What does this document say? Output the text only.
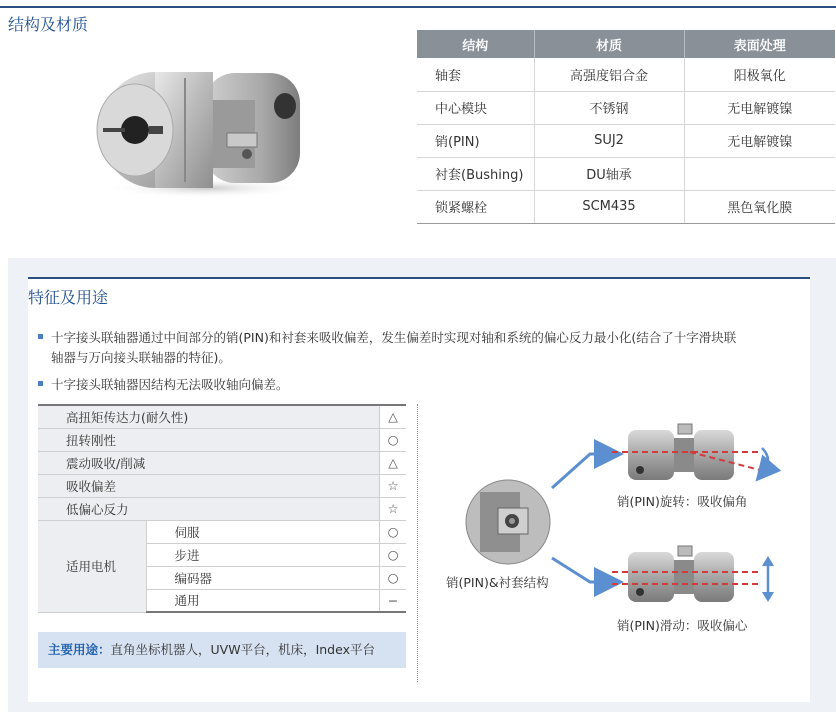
结构及材质
结构	材质	表面处理
轴套	高强度铝合金	阳极氧化
中心模块	不锈钢	无电解镀镍
销(PIN)	SUJ2	无电解镀镍
衬套(Bushing)	DU轴承	
锁紧螺栓	SCM435	黑色氧化膜
特征及用途
十字接头联轴器通过中间部分的销(PIN)和衬套来吸收偏差，发生偏差时实现对轴和系统的偏心反力最小化(结合了十字滑块联
轴器与万向接头联轴器的特征)。
十字接头联轴器因结构无法吸收轴向偏差。
高扭矩传达力(耐久性)		△
扭转刚性		○
震动吸收/削减		△
吸收偏差		☆
低偏心反力		☆
适用电机	伺服	○
	步进	○
	编码器	○
	通用	−
主要用途：直角坐标机器人，UVW平台，机床，Index平台
销(PIN)旋转：吸收偏角
销(PIN)&衬套结构
销(PIN)滑动：吸收偏心
